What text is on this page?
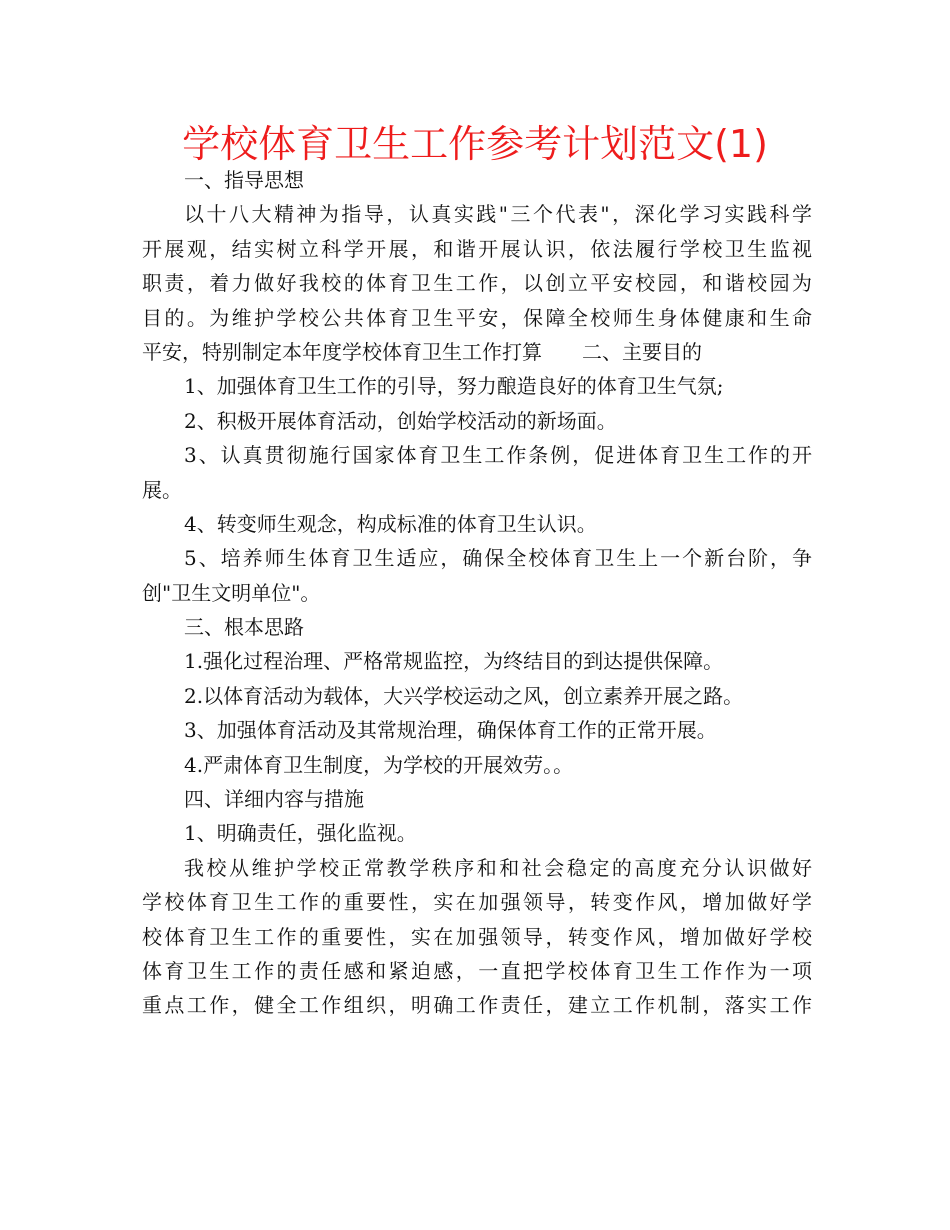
学校体育卫生工作参考计划范文(1)
一、指导思想
以十八大精神为指导，认真实践"三个代表"，深化学习实践科学
开展观，结实树立科学开展，和谐开展认识，依法履行学校卫生监视
职责，着力做好我校的体育卫生工作，以创立平安校园，和谐校园为
目的。为维护学校公共体育卫生平安，保障全校师生身体健康和生命
平安，特别制定本年度学校体育卫生工作打算　　二、主要目的
1、加强体育卫生工作的引导，努力酿造良好的体育卫生气氛;
2、积极开展体育活动，创始学校活动的新场面。
3、认真贯彻施行国家体育卫生工作条例，促进体育卫生工作的开
展。
4、转变师生观念，构成标准的体育卫生认识。
5、培养师生体育卫生适应，确保全校体育卫生上一个新台阶，争
创"卫生文明单位"。
三、根本思路
1.强化过程治理、严格常规监控，为终结目的到达提供保障。
2.以体育活动为载体，大兴学校运动之风，创立素养开展之路。
3、加强体育活动及其常规治理，确保体育工作的正常开展。
4.严肃体育卫生制度，为学校的开展效劳。。
四、详细内容与措施
1、明确责任，强化监视。
我校从维护学校正常教学秩序和和社会稳定的高度充分认识做好
学校体育卫生工作的重要性，实在加强领导，转变作风，增加做好学
校体育卫生工作的重要性，实在加强领导，转变作风，增加做好学校
体育卫生工作的责任感和紧迫感，一直把学校体育卫生工作作为一项
重点工作，健全工作组织，明确工作责任，建立工作机制，落实工作
